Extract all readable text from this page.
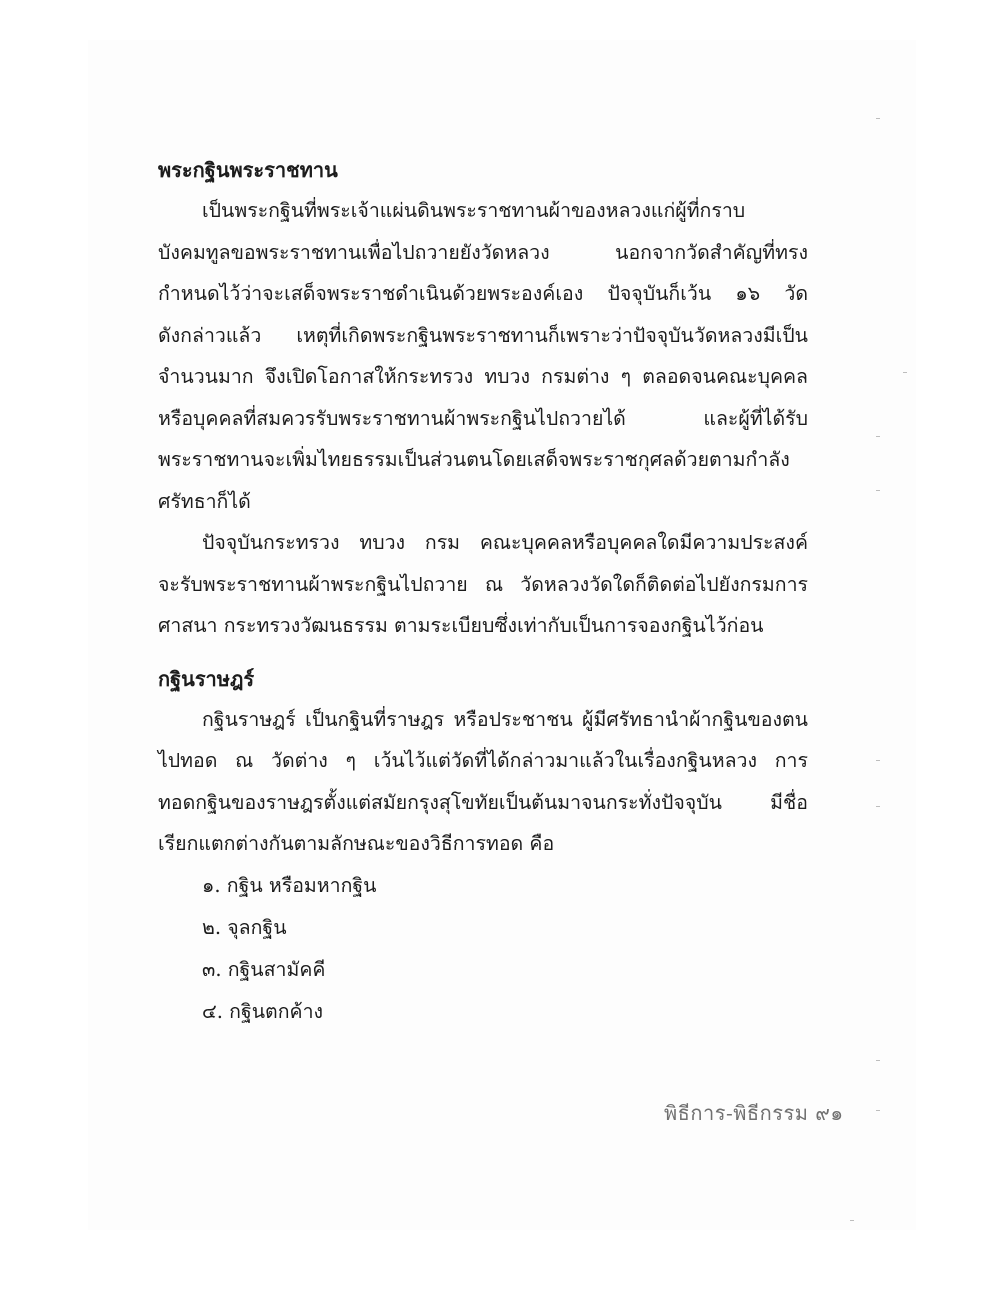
พระกฐินพระราชทาน

เป็นพระกฐินที่พระเจ้าแผ่นดินพระราชทานผ้าของหลวงแก่ผู้ที่กราบ
บังคมทูลขอพระราชทานเพื่อไปถวายยังวัดหลวง นอกจากวัดสำคัญที่ทรง
กำหนดไว้ว่าจะเสด็จพระราชดำเนินด้วยพระองค์เอง ปัจจุบันก็เว้น ๑๖ วัด
ดังกล่าวแล้ว เหตุที่เกิดพระกฐินพระราชทานก็เพราะว่าปัจจุบันวัดหลวงมีเป็น
จำนวนมาก จึงเปิดโอกาสให้กระทรวง ทบวง กรมต่าง ๆ ตลอดจนคณะบุคคล
หรือบุคคลที่สมควรรับพระราชทานผ้าพระกฐินไปถวายได้ และผู้ที่ได้รับ
พระราชทานจะเพิ่มไทยธรรมเป็นส่วนตนโดยเสด็จพระราชกุศลด้วยตามกำลัง
ศรัทธาก็ได้

ปัจจุบันกระทรวง ทบวง กรม คณะบุคคลหรือบุคคลใดมีความประสงค์
จะรับพระราชทานผ้าพระกฐินไปถวาย ณ วัดหลวงวัดใดก็ติดต่อไปยังกรมการ
ศาสนา กระทรวงวัฒนธรรม ตามระเบียบซึ่งเท่ากับเป็นการจองกฐินไว้ก่อน

กฐินราษฎร์

กฐินราษฎร์ เป็นกฐินที่ราษฎร หรือประชาชน ผู้มีศรัทธานำผ้ากฐินของตน
ไปทอด ณ วัดต่าง ๆ เว้นไว้แต่วัดที่ได้กล่าวมาแล้วในเรื่องกฐินหลวง การ
ทอดกฐินของราษฎรตั้งแต่สมัยกรุงสุโขทัยเป็นต้นมาจนกระทั่งปัจจุบัน มีชื่อ
เรียกแตกต่างกันตามลักษณะของวิธีการทอด คือ

๑. กฐิน หรือมหากฐิน
๒. จุลกฐิน
๓. กฐินสามัคคี
๔. กฐินตกค้าง
พิธีการ-พิธีกรรม ๙๑
